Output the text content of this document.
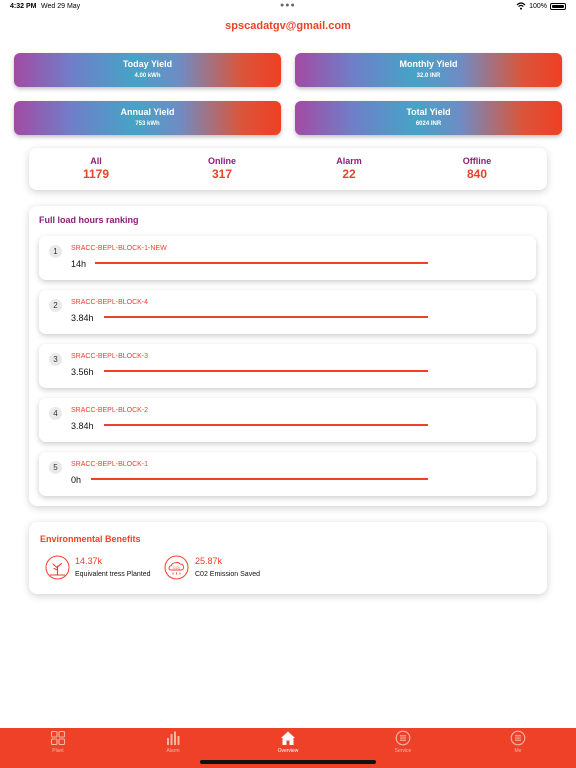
4:32 PM Wed 29 May	●●●	100%
spscadatgv@gmail.com
Today Yield
4.00 kWh
Monthly Yield
32.0 INR
Annual Yield
753 kWh
Total Yield
6024 INR
All
1179
Online
317
Alarm
22
Offline
840
Full load hours ranking
1	SRACC-BEPL-BLOCK-1-NEW
14h
2	SRACC-BEPL-BLOCK-4
3.84h
3	SRACC-BEPL-BLOCK-3
3.56h
4	SRACC-BEPL-BLOCK-2
3.84h
5	SRACC-BEPL-BLOCK-1
0h
Environmental Benefits
14.37k
Equivalent tress Planted
CO₂
25.87k
C02 Emission Saved
Plant	Alarm	Overview	Service	Me
